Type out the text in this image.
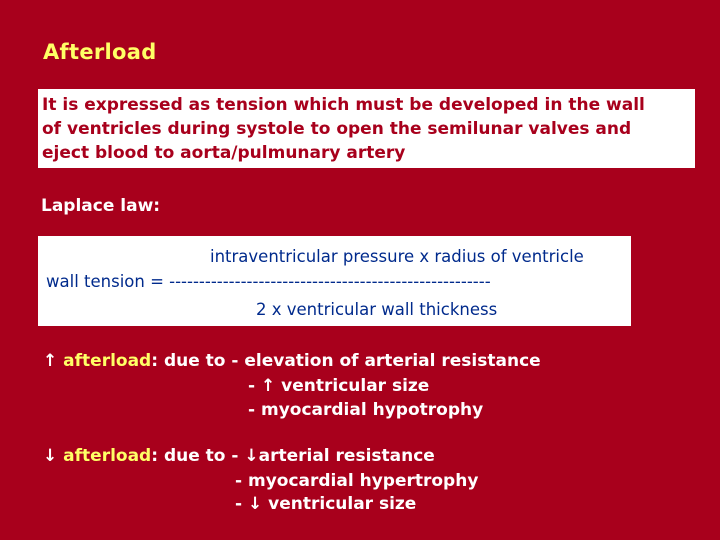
Afterload
It is expressed as tension which must be developed in the wall
of ventricles during systole to open the semilunar valves and
eject blood to aorta/pulmunary artery
Laplace law:
intraventricular pressure x radius of ventricle
wall tension = ------------------------------------------------------
2 x ventricular wall thickness
↑ afterload: due to - elevation of arterial resistance
- ↑ ventricular size
- myocardial hypotrophy
↓ afterload: due to - ↓arterial resistance
- myocardial hypertrophy
- ↓ ventricular size
